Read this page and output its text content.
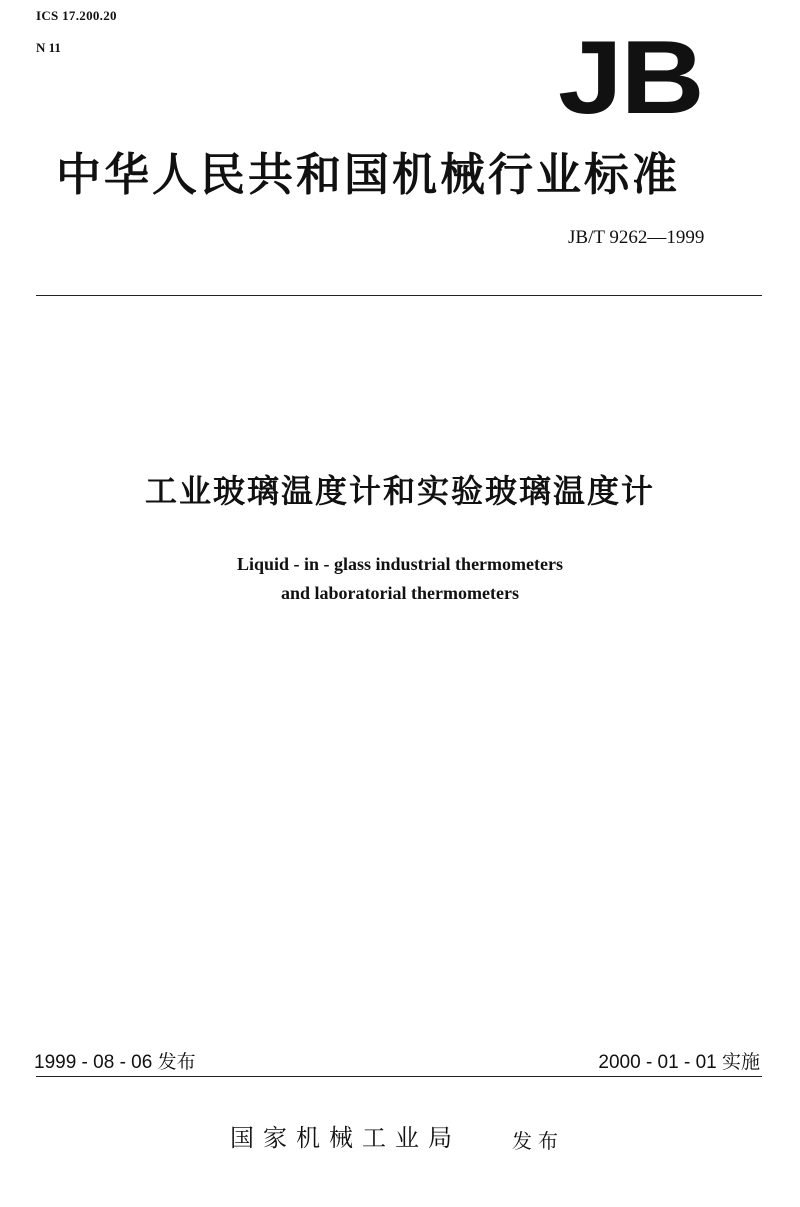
ICS 17.200.20

N 11	JB
中华人民共和国机械行业标准

JB/T 9262—1999

工业玻璃温度计和实验玻璃温度计
Liquid - in - glass industrial thermometers
and laboratorial thermometers

1999 - 08 - 06 发布	2000 - 01 - 01 实施

国家机械工业局	发布
